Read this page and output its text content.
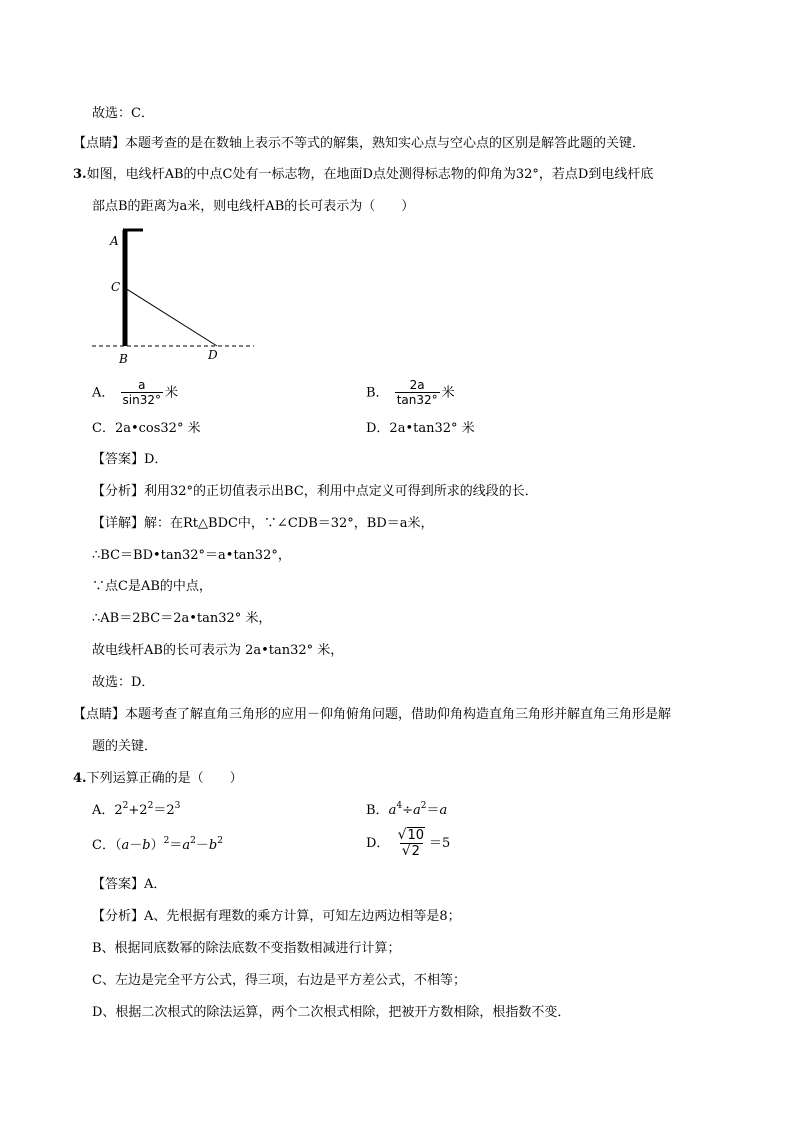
故选：C．
【点睛】本题考查的是在数轴上表示不等式的解集，熟知实心点与空心点的区别是解答此题的关键．
3.如图，电线杆AB的中点C处有一标志物，在地面D点处测得标志物的仰角为32°，若点D到电线杆底
部点B的距离为a米，则电线杆AB的长可表示为（　　）
A
C
B	D
A． $\frac{a}{\sin 32^\circ}$ 米	B． $\frac{2a}{\tan 32^\circ}$ 米
C．2a•cos32° 米	D．2a•tan32° 米
【答案】D．
【分析】利用32°的正切值表示出BC，利用中点定义可得到所求的线段的长．
【详解】解：在Rt△BDC中，∵∠CDB＝32°，BD＝a米，
∴BC＝BD•tan32°＝a•tan32°，
∵点C是AB的中点，
∴AB＝2BC＝2a•tan32° 米，
故电线杆AB的长可表示为 2a•tan32° 米，
故选：D．
【点睛】本题考查了解直角三角形的应用－仰角俯角问题，借助仰角构造直角三角形并解直角三角形是解
题的关键．
4.下列运算正确的是（　　）
A．$2^2+2^2=2^3$	B．$a^4\div a^2=a$
C．$(a-b)^2=a^2-b^2$	D． $\frac{√10}{√2} =5$
【答案】A．
【分析】A、先根据有理数的乘方计算，可知左边两边相等是8；
B、根据同底数幂的除法底数不变指数相减进行计算；
C、左边是完全平方公式，得三项，右边是平方差公式，不相等；
D、根据二次根式的除法运算，两个二次根式相除，把被开方数相除，根指数不变．
